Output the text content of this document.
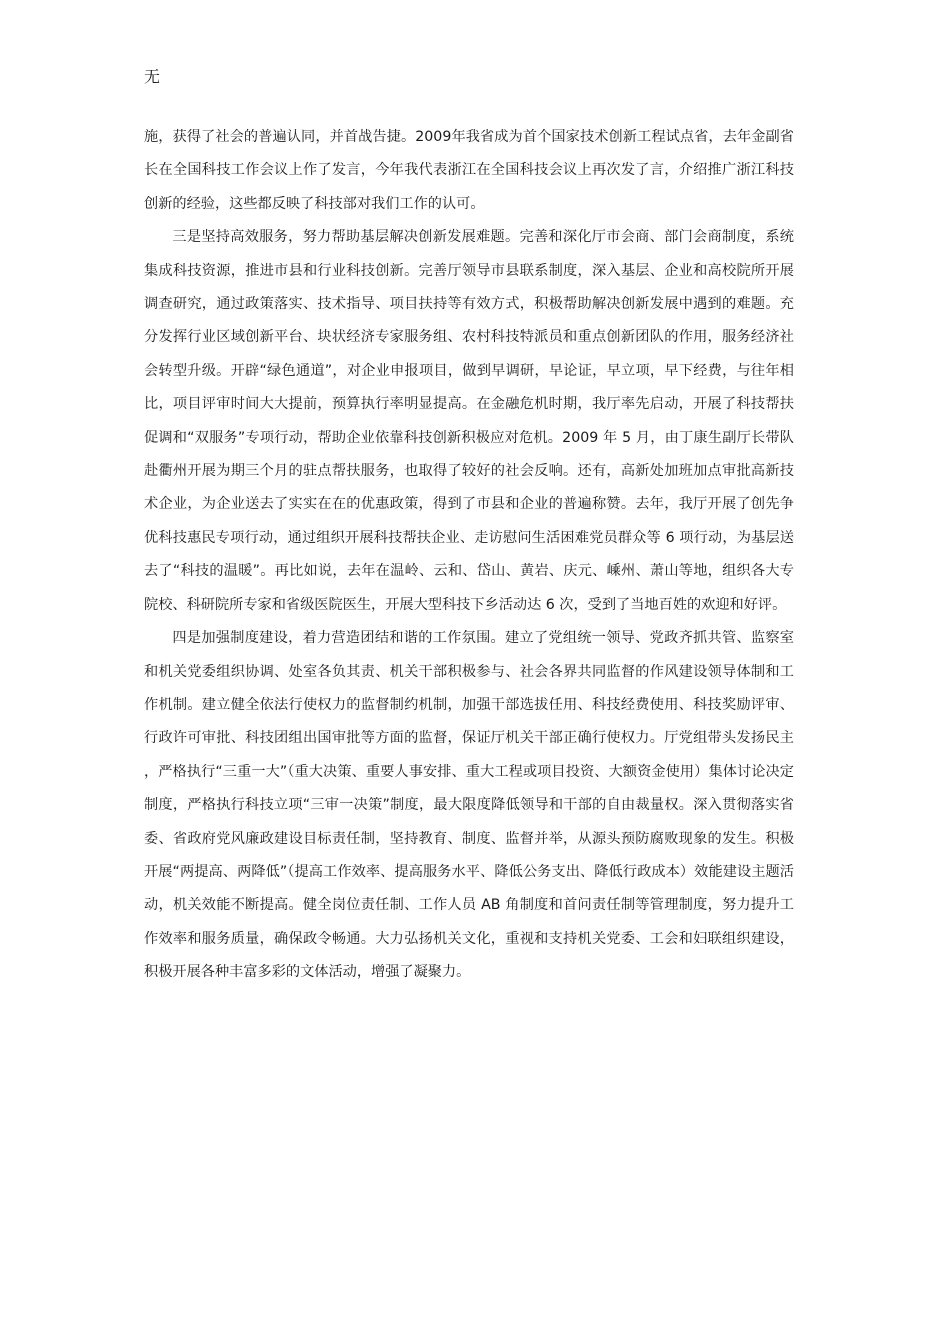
无

施，获得了社会的普遍认同，并首战告捷。2009年我省成为首个国家技术创新工程试点省，去年金副省长在全国科技工作会议上作了发言，今年我代表浙江在全国科技会议上再次发了言，介绍推广浙江科技创新的经验，这些都反映了科技部对我们工作的认可。

三是坚持高效服务，努力帮助基层解决创新发展难题。完善和深化厅市会商、部门会商制度，系统集成科技资源，推进市县和行业科技创新。完善厅领导市县联系制度，深入基层、企业和高校院所开展调查研究，通过政策落实、技术指导、项目扶持等有效方式，积极帮助解决创新发展中遇到的难题。充分发挥行业区域创新平台、块状经济专家服务组、农村科技特派员和重点创新团队的作用，服务经济社会转型升级。开辟“绿色通道”，对企业申报项目，做到早调研，早论证，早立项，早下经费，与往年相比，项目评审时间大大提前，预算执行率明显提高。在金融危机时期，我厅率先启动，开展了科技帮扶促调和“双服务”专项行动，帮助企业依靠科技创新积极应对危机。2009 年 5 月，由丁康生副厅长带队赴衢州开展为期三个月的驻点帮扶服务，也取得了较好的社会反响。还有，高新处加班加点审批高新技术企业，为企业送去了实实在在的优惠政策，得到了市县和企业的普遍称赞。去年，我厅开展了创先争优科技惠民专项行动，通过组织开展科技帮扶企业、走访慰问生活困难党员群众等 6 项行动，为基层送去了“科技的温暖”。再比如说，去年在温岭、云和、岱山、黄岩、庆元、嵊州、萧山等地，组织各大专院校、科研院所专家和省级医院医生，开展大型科技下乡活动达 6 次，受到了当地百姓的欢迎和好评。

四是加强制度建设，着力营造团结和谐的工作氛围。建立了党组统一领导、党政齐抓共管、监察室和机关党委组织协调、处室各负其责、机关干部积极参与、社会各界共同监督的作风建设领导体制和工作机制。建立健全依法行使权力的监督制约机制，加强干部选拔任用、科技经费使用、科技奖励评审、行政许可审批、科技团组出国审批等方面的监督，保证厅机关干部正确行使权力。厅党组带头发扬民主，严格执行“三重一大”（重大决策、重要人事安排、重大工程或项目投资、大额资金使用）集体讨论决定制度，严格执行科技立项“三审一决策”制度，最大限度降低领导和干部的自由裁量权。深入贯彻落实省委、省政府党风廉政建设目标责任制，坚持教育、制度、监督并举，从源头预防腐败现象的发生。积极开展“两提高、两降低”（提高工作效率、提高服务水平、降低公务支出、降低行政成本）效能建设主题活动，机关效能不断提高。健全岗位责任制、工作人员 AB 角制度和首问责任制等管理制度，努力提升工作效率和服务质量，确保政令畅通。大力弘扬机关文化，重视和支持机关党委、工会和妇联组织建设，积极开展各种丰富多彩的文体活动，增强了凝聚力。
